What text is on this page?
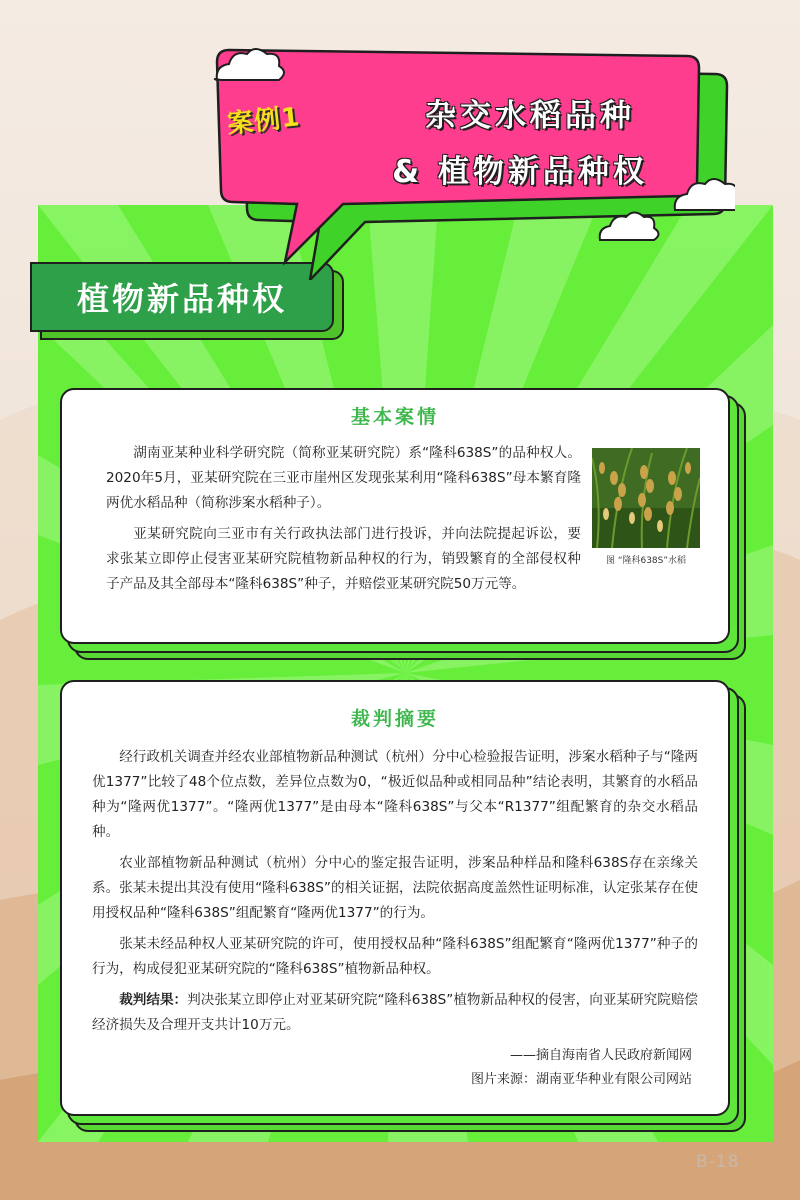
案例1	杂交水稻品种
& 植物新品种权
植物新品种权
基本案情

湖南亚某种业科学研究院（简称亚某研究院）系“隆科638S”的品种权人。2020年5月，亚某研究院在三亚市崖州区发现张某利用“隆科638S”母本繁育隆两优水稻品种（简称涉案水稻种子）。

亚某研究院向三亚市有关行政执法部门进行投诉，并向法院提起诉讼，要求张某立即停止侵害亚某研究院植物新品种权的行为，销毁繁育的全部侵权种子产品及其全部母本“隆科638S”种子，并赔偿亚某研究院50万元等。

图 “隆科638S”水稻
裁判摘要

经行政机关调查并经农业部植物新品种测试（杭州）分中心检验报告证明，涉案水稻种子与“隆两优1377”比较了48个位点数，差异位点数为0，“极近似品种或相同品种”结论表明，其繁育的水稻品种为“隆两优1377”。“隆两优1377”是由母本“隆科638S”与父本“R1377”组配繁育的杂交水稻品种。

农业部植物新品种测试（杭州）分中心的鉴定报告证明，涉案品种样品和隆科638S存在亲缘关系。张某未提出其没有使用“隆科638S”的相关证据，法院依据高度盖然性证明标准，认定张某存在使用授权品种“隆科638S”组配繁育“隆两优1377”的行为。

张某未经品种权人亚某研究院的许可，使用授权品种“隆科638S”组配繁育“隆两优1377”种子的行为，构成侵犯亚某研究院的“隆科638S”植物新品种权。

裁判结果：判决张某立即停止对亚某研究院“隆科638S”植物新品种权的侵害，向亚某研究院赔偿经济损失及合理开支共计10万元。

——摘自海南省人民政府新闻网
图片来源：湖南亚华种业有限公司网站
B-18
